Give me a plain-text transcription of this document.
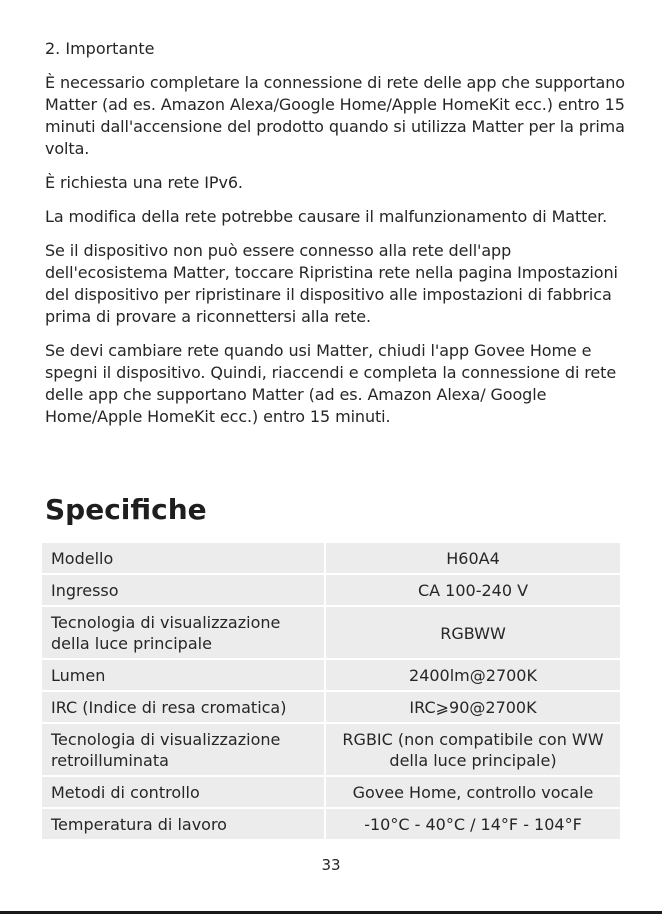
2. Importante

È necessario completare la connessione di rete delle app che supportano Matter (ad es. Amazon Alexa/Google Home/Apple HomeKit ecc.) entro 15 minuti dall'accensione del prodotto quando si utilizza Matter per la prima volta.

È richiesta una rete IPv6.

La modifica della rete potrebbe causare il malfunzionamento di Matter.

Se il dispositivo non può essere connesso alla rete dell'app dell'ecosistema Matter, toccare Ripristina rete nella pagina Impostazioni del dispositivo per ripristinare il dispositivo alle impostazioni di fabbrica prima di provare a riconnettersi alla rete.

Se devi cambiare rete quando usi Matter, chiudi l'app Govee Home e spegni il dispositivo. Quindi, riaccendi e completa la connessione di rete delle app che supportano Matter (ad es. Amazon Alexa/ Google Home/Apple HomeKit ecc.) entro 15 minuti.

Specifiche
Modello	H60A4
Ingresso	CA 100-240 V
Tecnologia di visualizzazione della luce principale	RGBWW
Lumen	2400lm@2700K
IRC (Indice di resa cromatica)	IRC⩾90@2700K
Tecnologia di visualizzazione retroilluminata	RGBIC (non compatibile con WW della luce principale)
Metodi di controllo	Govee Home, controllo vocale
Temperatura di lavoro	-10°C - 40°C / 14°F - 104°F
33
